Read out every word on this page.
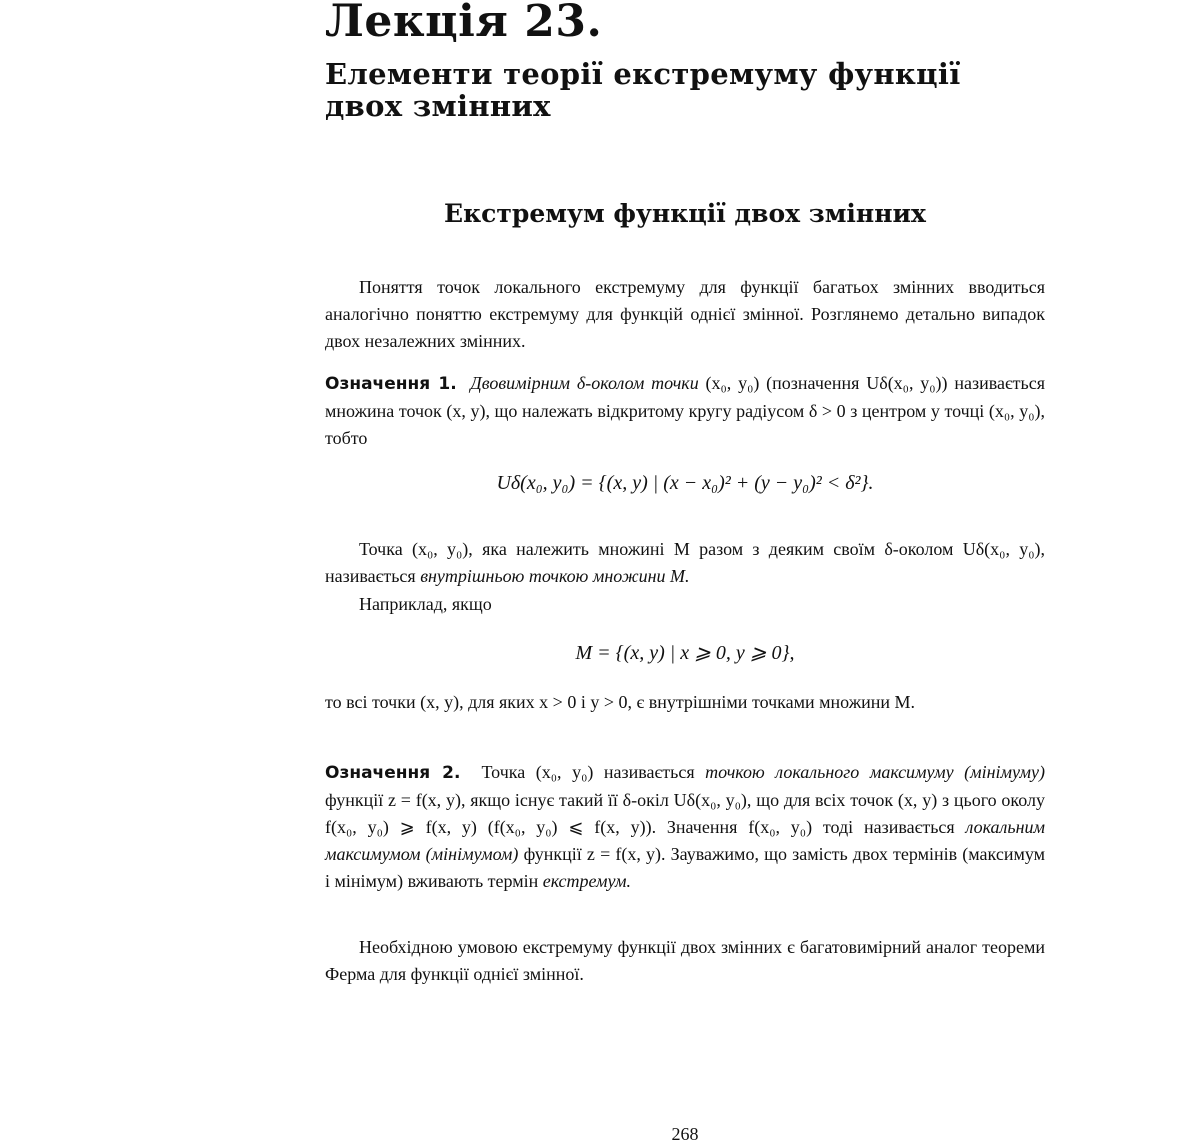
Лекція 23.
Елементи теорії екстремуму функції двох змінних
Екстремум функції двох змінних

Поняття точок локального екстремуму для функції багатьох змінних вводиться аналогічно поняттю екстремуму для функцій однієї змінної. Розглянемо детально випадок двох незалежних змінних.

Означення 1. Двовимірним δ-околом точки (x₀, y₀) (позначення Uδ(x₀, y₀)) називається множина точок (x, y), що належать відкритому кругу радіусом δ > 0 з центром у точці (x₀, y₀), тобто

Uδ(x₀, y₀) = {(x, y) | (x − x₀)² + (y − y₀)² < δ²}.

Точка (x₀, y₀), яка належить множині M разом з деяким своїм δ-околом Uδ(x₀, y₀), називається внутрішньою точкою множини M.

Наприклад, якщо

M = {(x, y) | x ⩾ 0, y ⩾ 0},

то всі точки (x, y), для яких x > 0 і y > 0, є внутрішніми точками множини M.

Означення 2. Точка (x₀, y₀) називається точкою локального максимуму (мінімуму) функції z = f(x, y), якщо існує такий її δ-окіл Uδ(x₀, y₀), що для всіх точок (x, y) з цього околу f(x₀, y₀) ⩾ f(x, y) (f(x₀, y₀) ⩽ f(x, y)). Значення f(x₀, y₀) тоді називається локальним максимумом (мінімумом) функції z = f(x, y). Зауважимо, що замість двох термінів (максимум і мінімум) вживають термін екстремум.

Необхідною умовою екстремуму функції двох змінних є багатовимірний аналог теореми Ферма для функції однієї змінної.

268
